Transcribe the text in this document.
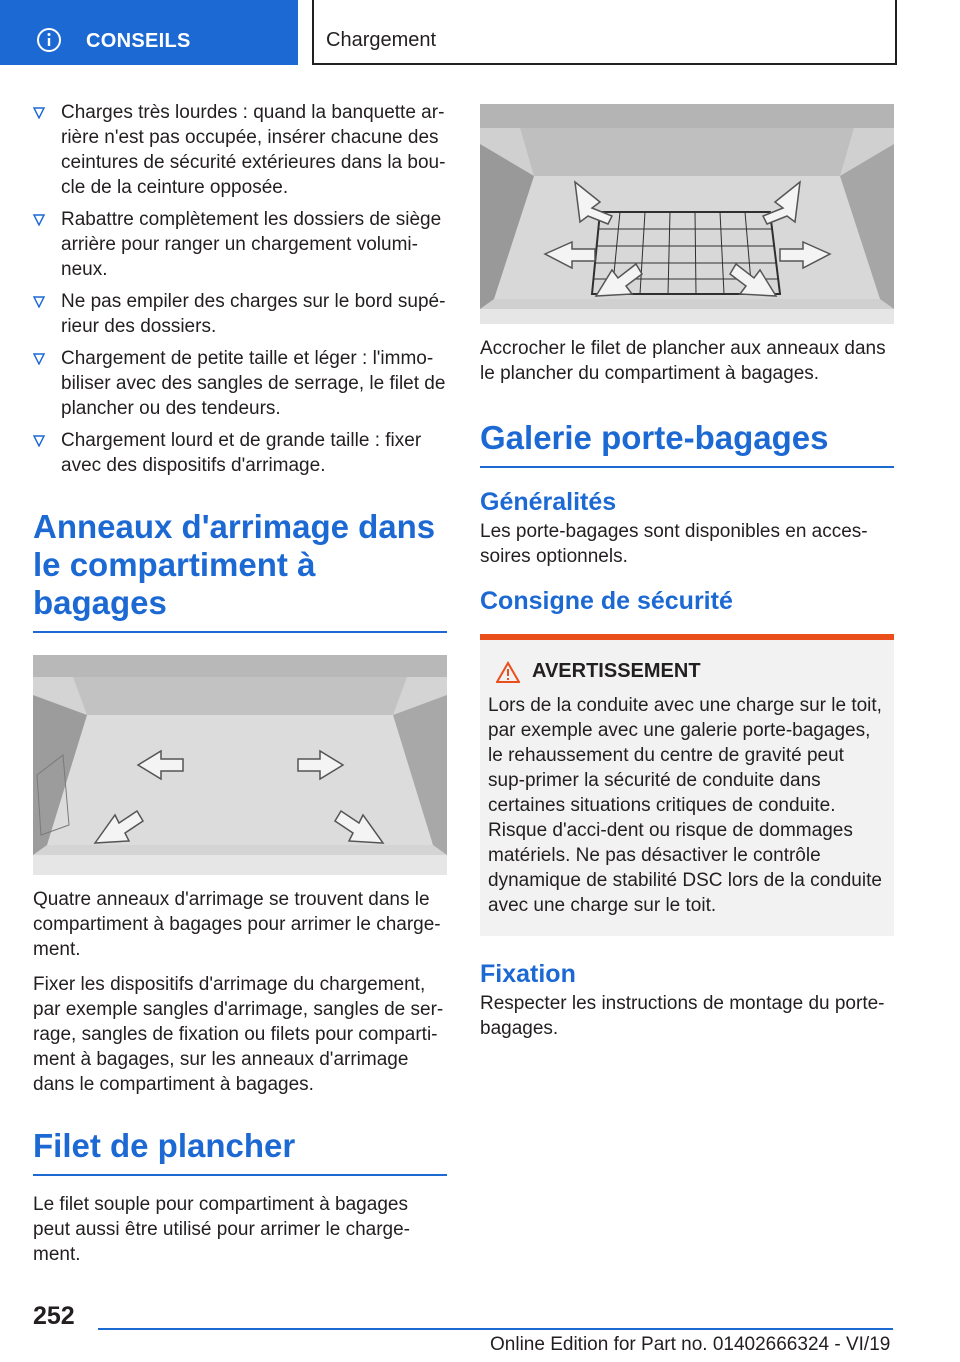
CONSEILS	Chargement
Charges très lourdes : quand la banquette ar-rière n'est pas occupée, insérer chacune des ceintures de sécurité extérieures dans la bou-cle de la ceinture opposée.
Rabattre complètement les dossiers de siège arrière pour ranger un chargement volumi-neux.
Ne pas empiler des charges sur le bord supé-rieur des dossiers.
Chargement de petite taille et léger : l'immo-biliser avec des sangles de serrage, le filet de plancher ou des tendeurs.
Chargement lourd et de grande taille : fixer avec des dispositifs d'arrimage.
Anneaux d'arrimage dans le compartiment à bagages

Quatre anneaux d'arrimage se trouvent dans le compartiment à bagages pour arrimer le charge-ment.

Fixer les dispositifs d'arrimage du chargement, par exemple sangles d'arrimage, sangles de ser-rage, sangles de fixation ou filets pour comparti-ment à bagages, sur les anneaux d'arrimage dans le compartiment à bagages.

Filet de plancher

Le filet souple pour compartiment à bagages peut aussi être utilisé pour arrimer le charge-ment.

Accrocher le filet de plancher aux anneaux dans le plancher du compartiment à bagages.

Galerie porte-bagages
Généralités

Les porte-bagages sont disponibles en acces-soires optionnels.

Consigne de sécurité
AVERTISSEMENT

Lors de la conduite avec une charge sur le toit, par exemple avec une galerie porte-bagages, le rehaussement du centre de gravité peut sup-primer la sécurité de conduite dans certaines situations critiques de conduite. Risque d'acci-dent ou risque de dommages matériels. Ne pas désactiver le contrôle dynamique de stabilité DSC lors de la conduite avec une charge sur le toit.

Fixation

Respecter les instructions de montage du porte-bagages.

252
Online Edition for Part no. 01402666324 - VI/19
